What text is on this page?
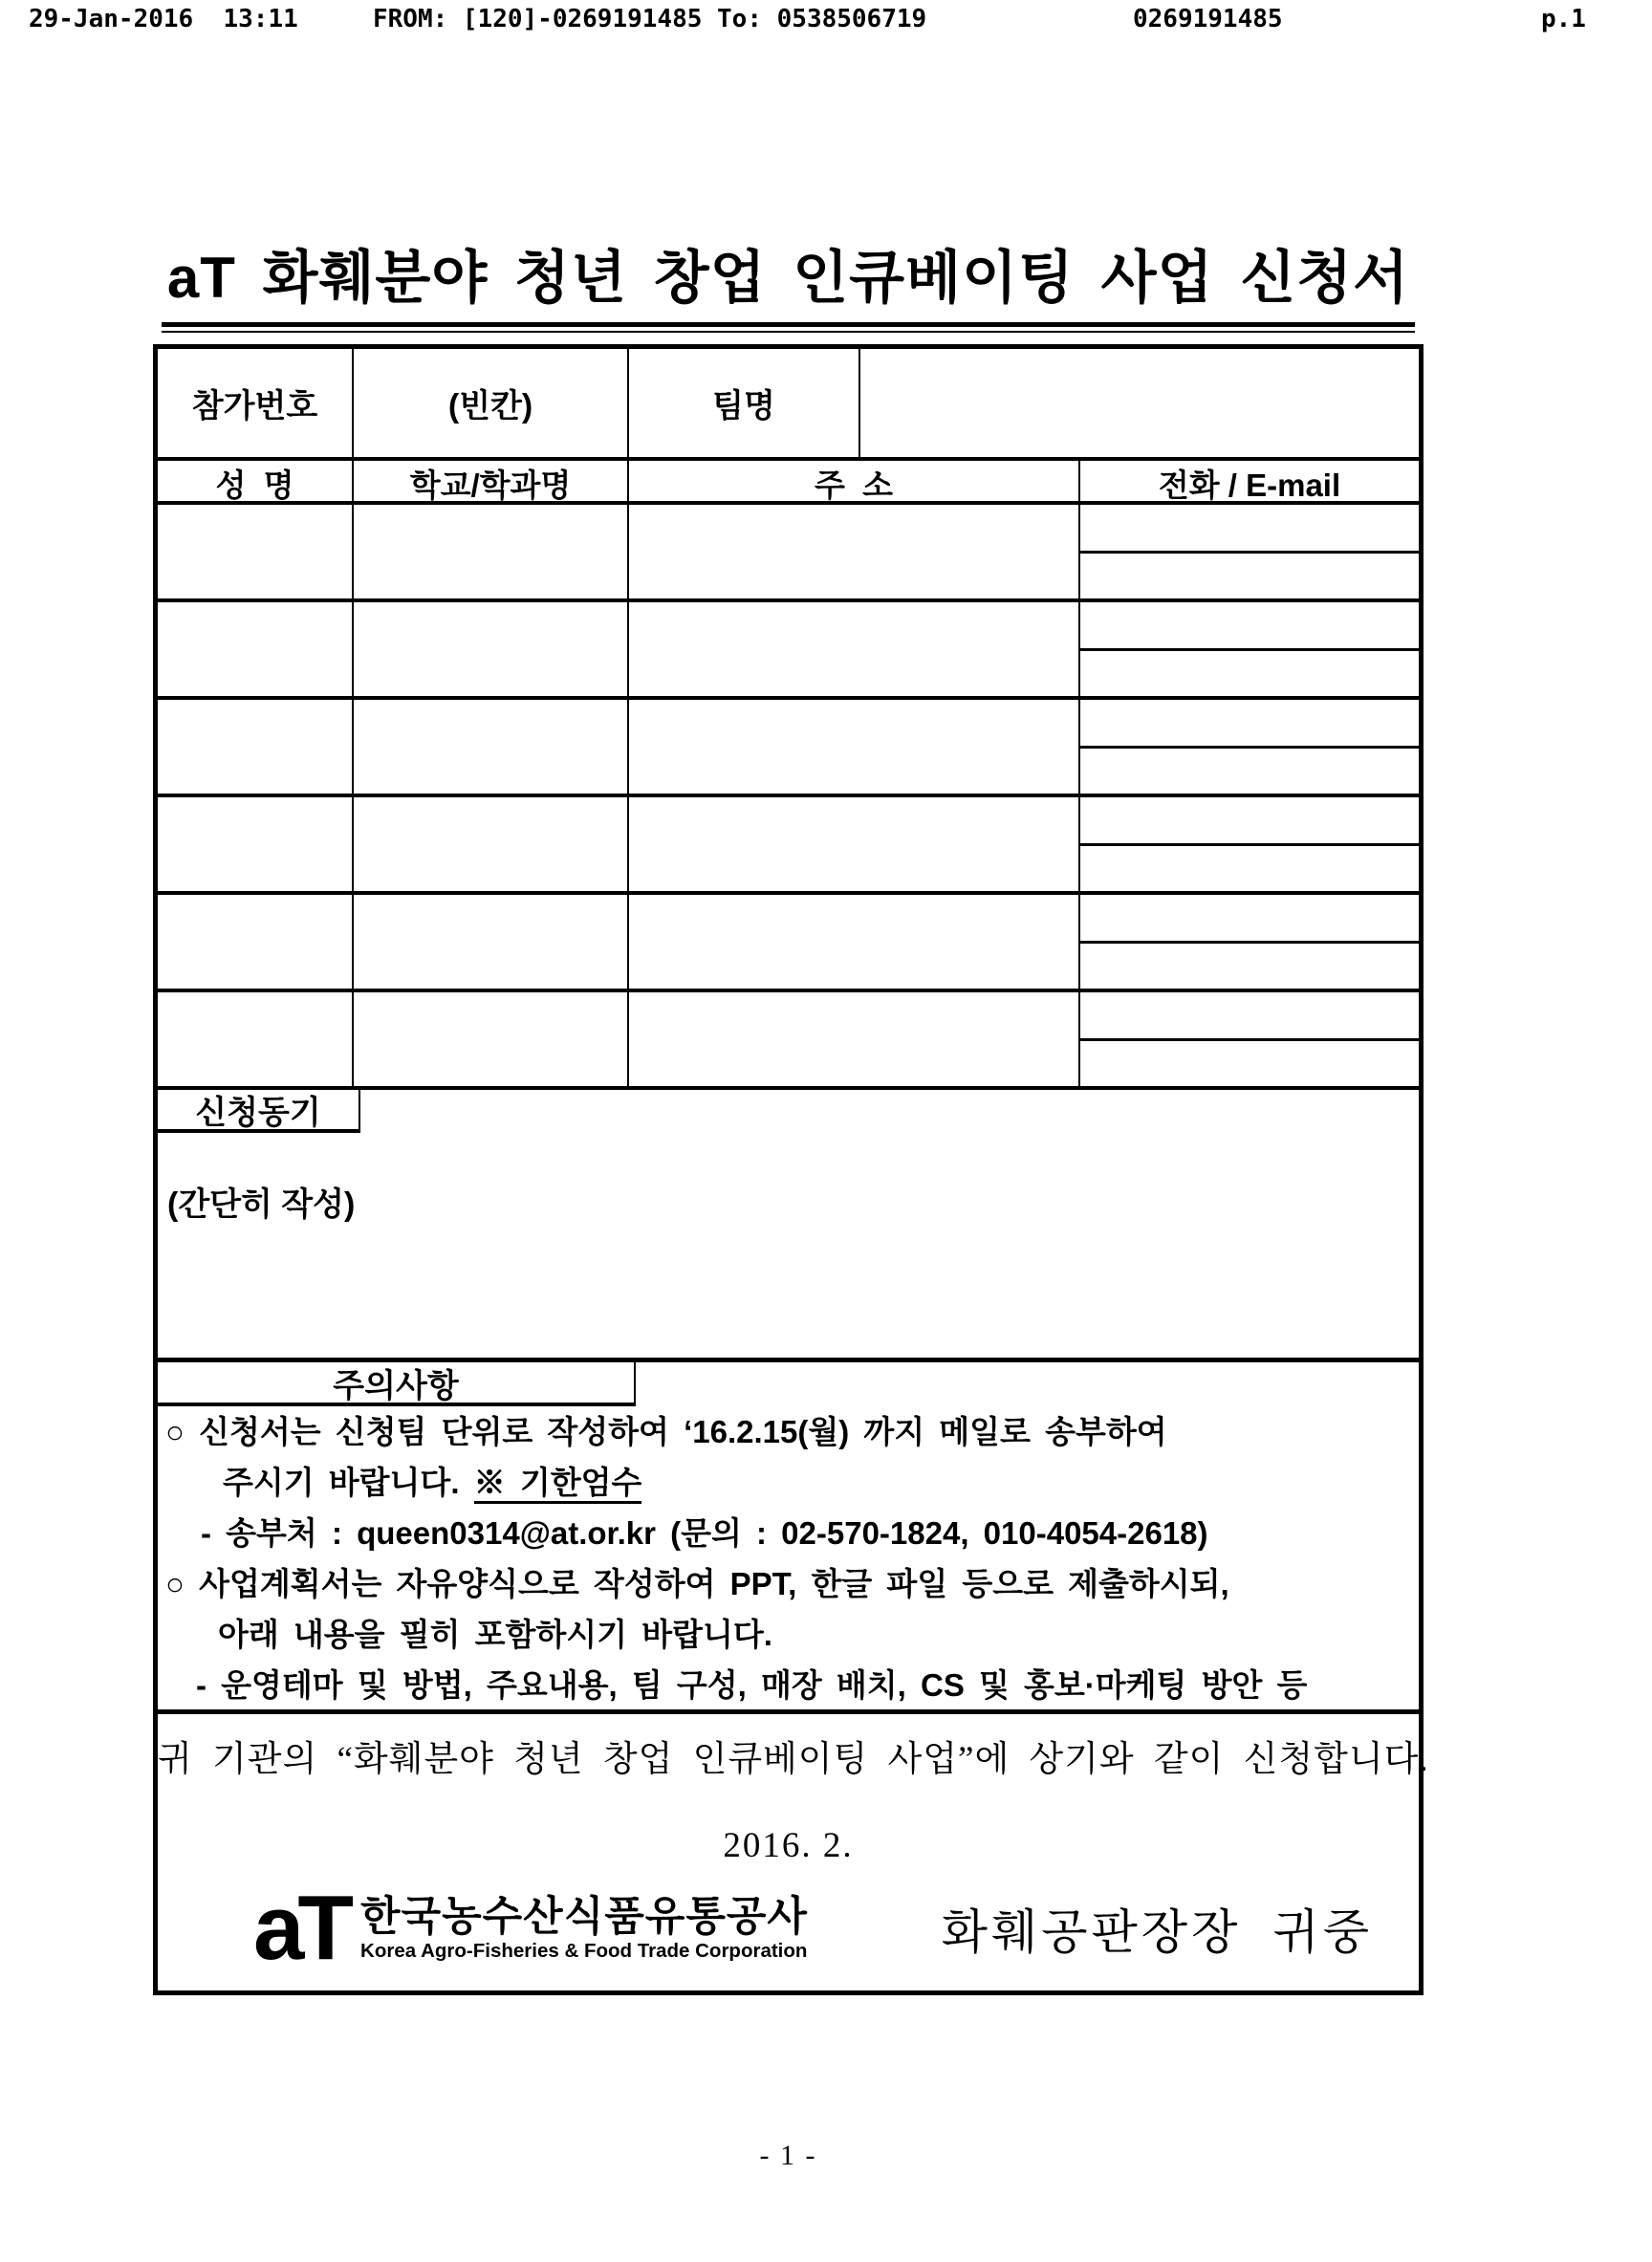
29-Jan-2016  13:11	FROM: [120]-0269191485 To: 0538506719	0269191485	p.1
aT 화훼분야 청년 창업 인큐베이팅 사업 신청서
참가번호	(빈칸)	팀명
성  명	학교/학과명	주  소	전화 / E-mail
신청동기
(간단히 작성)
주의사항
○ 신청서는 신청팀 단위로 작성하여 ‘16.2.15(월) 까지 메일로 송부하여
주시기 바랍니다. ※ 기한엄수
- 송부처 : queen0314@at.or.kr (문의 : 02-570-1824, 010-4054-2618)
○ 사업계획서는 자유양식으로 작성하여 PPT, 한글 파일 등으로 제출하시되,
아래 내용을 필히 포함하시기 바랍니다.
- 운영테마 및 방법, 주요내용, 팀 구성, 매장 배치, CS 및 홍보·마케팅 방안 등
귀 기관의 “화훼분야 청년 창업 인큐베이팅 사업”에 상기와 같이 신청합니다.
2016. 2.
aT 한국농수산식품유통공사
Korea Agro-Fisheries & Food Trade Corporation	화훼공판장장  귀중
- 1 -
